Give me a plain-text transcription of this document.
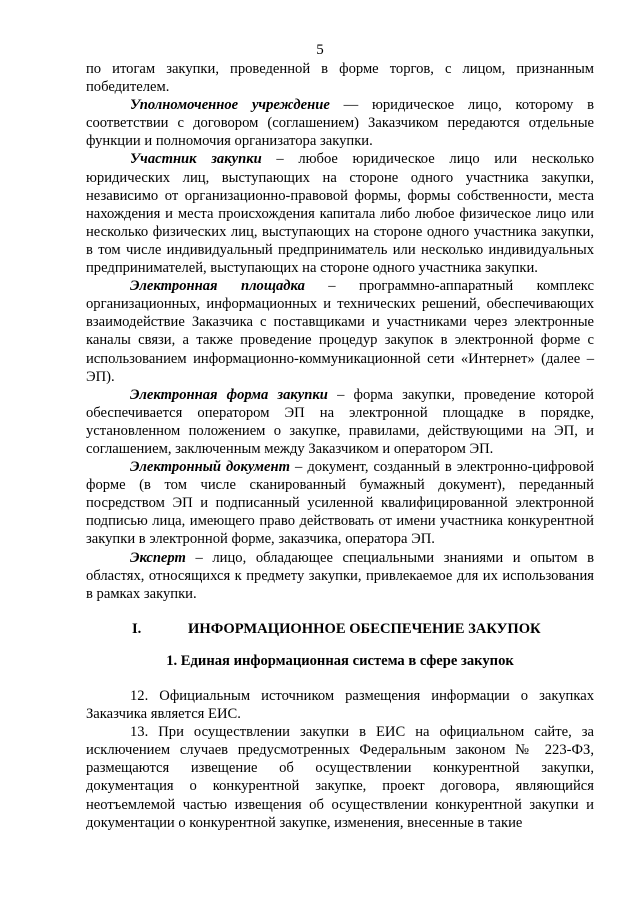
5

по итогам закупки, проведенной в форме торгов, с лицом, признанным победителем.

Уполномоченное учреждение — юридическое лицо, которому в соответствии с договором (соглашением) Заказчиком передаются отдельные функции и полномочия организатора закупки.

Участник закупки – любое юридическое лицо или несколько юридических лиц, выступающих на стороне одного участника закупки, независимо от организационно-правовой формы, формы собственности, места нахождения и места происхождения капитала либо любое физическое лицо или несколько физических лиц, выступающих на стороне одного участника закупки, в том числе индивидуальный предприниматель или несколько индивидуальных предпринимателей, выступающих на стороне одного участника закупки.

Электронная площадка – программно-аппаратный комплекс организационных, информационных и технических решений, обеспечивающих взаимодействие Заказчика с поставщиками и участниками через электронные каналы связи, а также проведение процедур закупок в электронной форме с использованием информационно-коммуникационной сети «Интернет» (далее – ЭП).

Электронная форма закупки – форма закупки, проведение которой обеспечивается оператором ЭП на электронной площадке в порядке, установленном положением о закупке, правилами, действующими на ЭП, и соглашением, заключенным между Заказчиком и оператором ЭП.

Электронный документ – документ, созданный в электронно-цифровой форме (в том числе сканированный бумажный документ), переданный посредством ЭП и подписанный усиленной квалифицированной электронной подписью лица, имеющего право действовать от имени участника конкурентной закупки в электронной форме, заказчика, оператора ЭП.

Эксперт – лицо, обладающее специальными знаниями и опытом в областях, относящихся к предмету закупки, привлекаемое для их использования в рамках закупки.

I.	ИНФОРМАЦИОННОЕ ОБЕСПЕЧЕНИЕ ЗАКУПОК
1. Единая информационная система в сфере закупок

12. Официальным источником размещения информации о закупках Заказчика является ЕИС.

13. При осуществлении закупки в ЕИС на официальном сайте, за исключением случаев предусмотренных Федеральным законом № 223-ФЗ, размещаются извещение об осуществлении конкурентной закупки, документация о конкурентной закупке, проект договора, являющийся неотъемлемой частью извещения об осуществлении конкурентной закупки и документации о конкурентной закупке, изменения, внесенные в такие
